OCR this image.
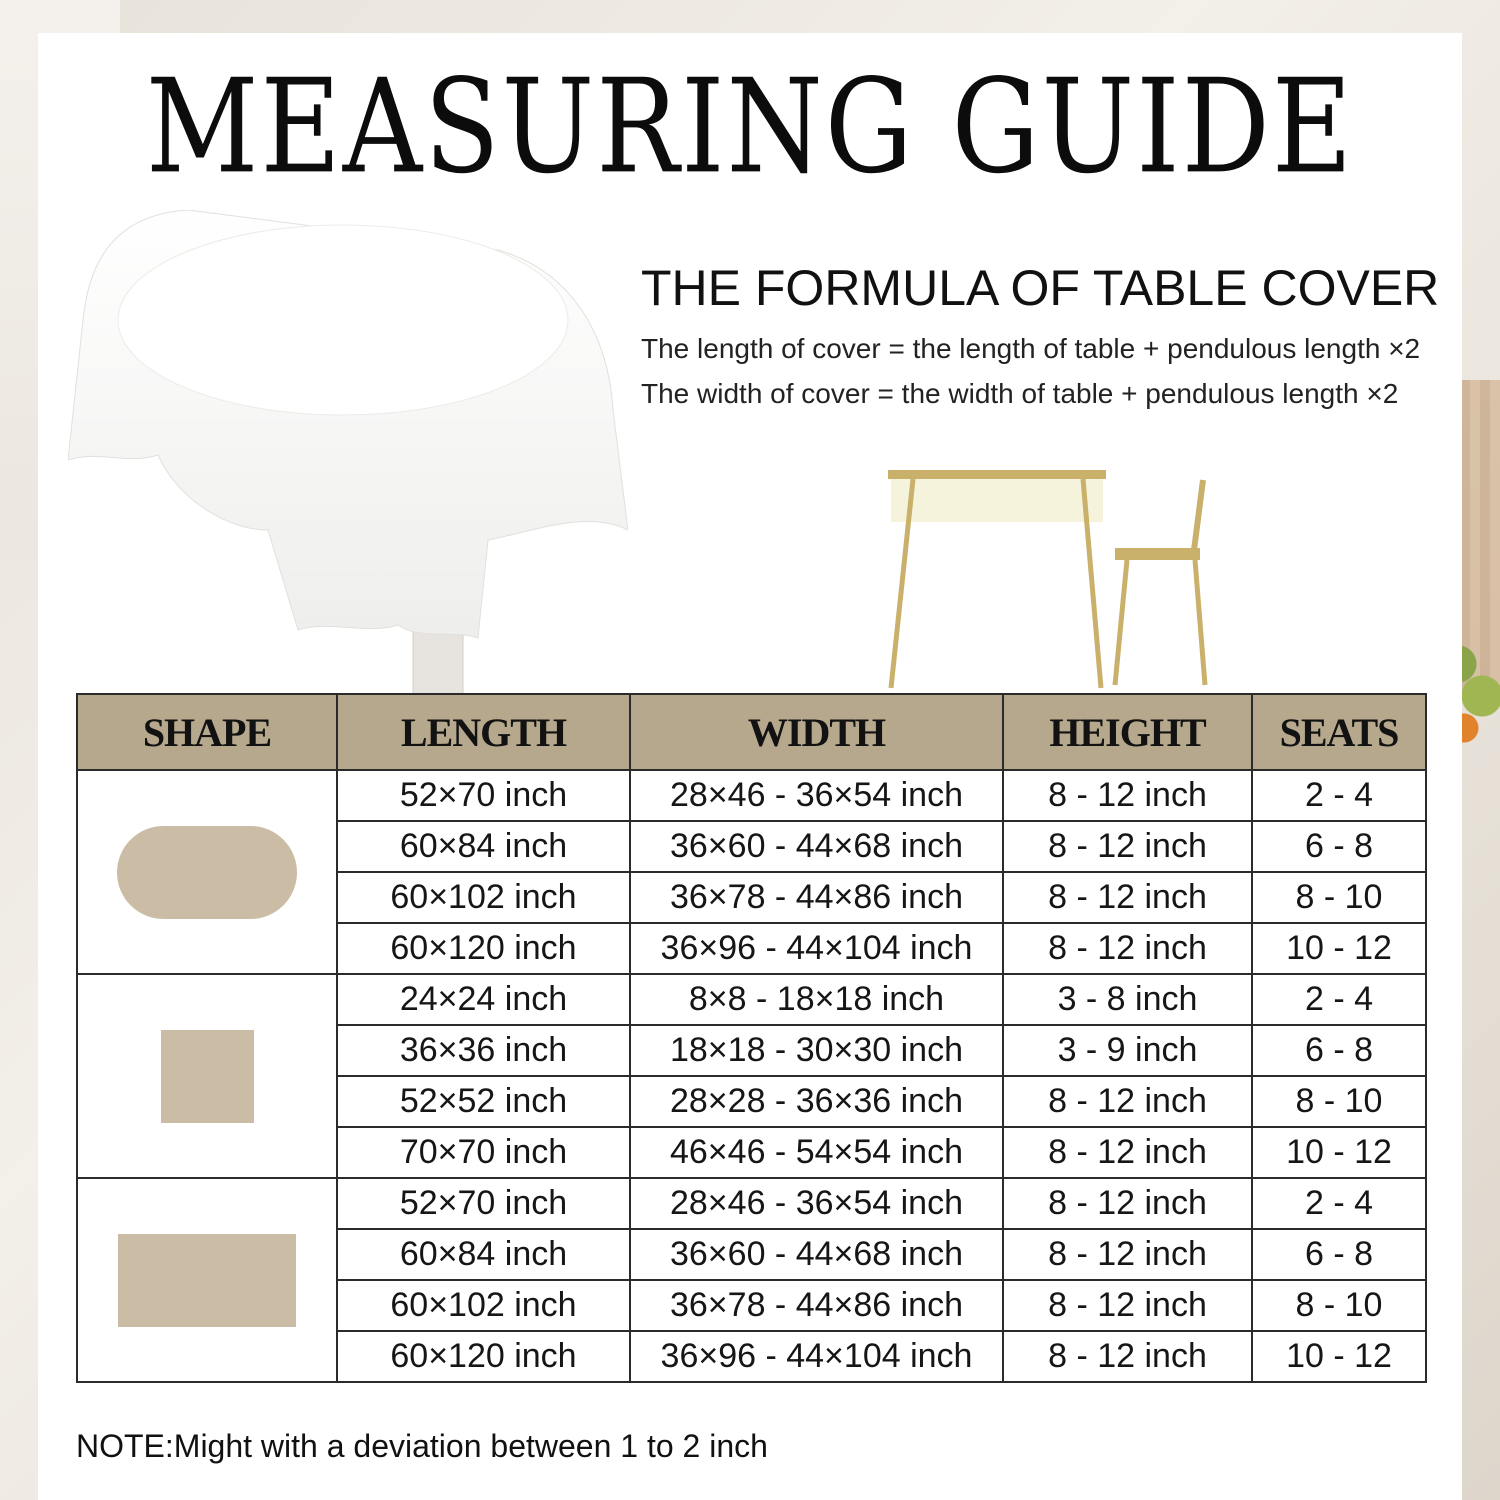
MEASURING GUIDE
THE FORMULA OF TABLE COVER
The length of cover = the length of table + pendulous length ×2
The width of cover = the width of table + pendulous length ×2
SHAPE	LENGTH	WIDTH	HEIGHT	SEATS

	52×70 inch	28×46 - 36×54 inch	8 - 12 inch	2 - 4
	60×84 inch	36×60 - 44×68 inch	8 - 12 inch	6 - 8
	60×102 inch	36×78 - 44×86 inch	8 - 12 inch	8 - 10
	60×120 inch	36×96 - 44×104 inch	8 - 12 inch	10 - 12

	24×24 inch	8×8 - 18×18 inch	3 - 8 inch	2 - 4
	36×36 inch	18×18 - 30×30 inch	3 - 9 inch	6 - 8
	52×52 inch	28×28 - 36×36 inch	8 - 12 inch	8 - 10
	70×70 inch	46×46 - 54×54 inch	8 - 12 inch	10 - 12

	52×70 inch	28×46 - 36×54 inch	8 - 12 inch	2 - 4
	60×84 inch	36×60 - 44×68 inch	8 - 12 inch	6 - 8
	60×102 inch	36×78 - 44×86 inch	8 - 12 inch	8 - 10
	60×120 inch	36×96 - 44×104 inch	8 - 12 inch	10 - 12
NOTE:Might with a deviation between 1 to 2 inch
